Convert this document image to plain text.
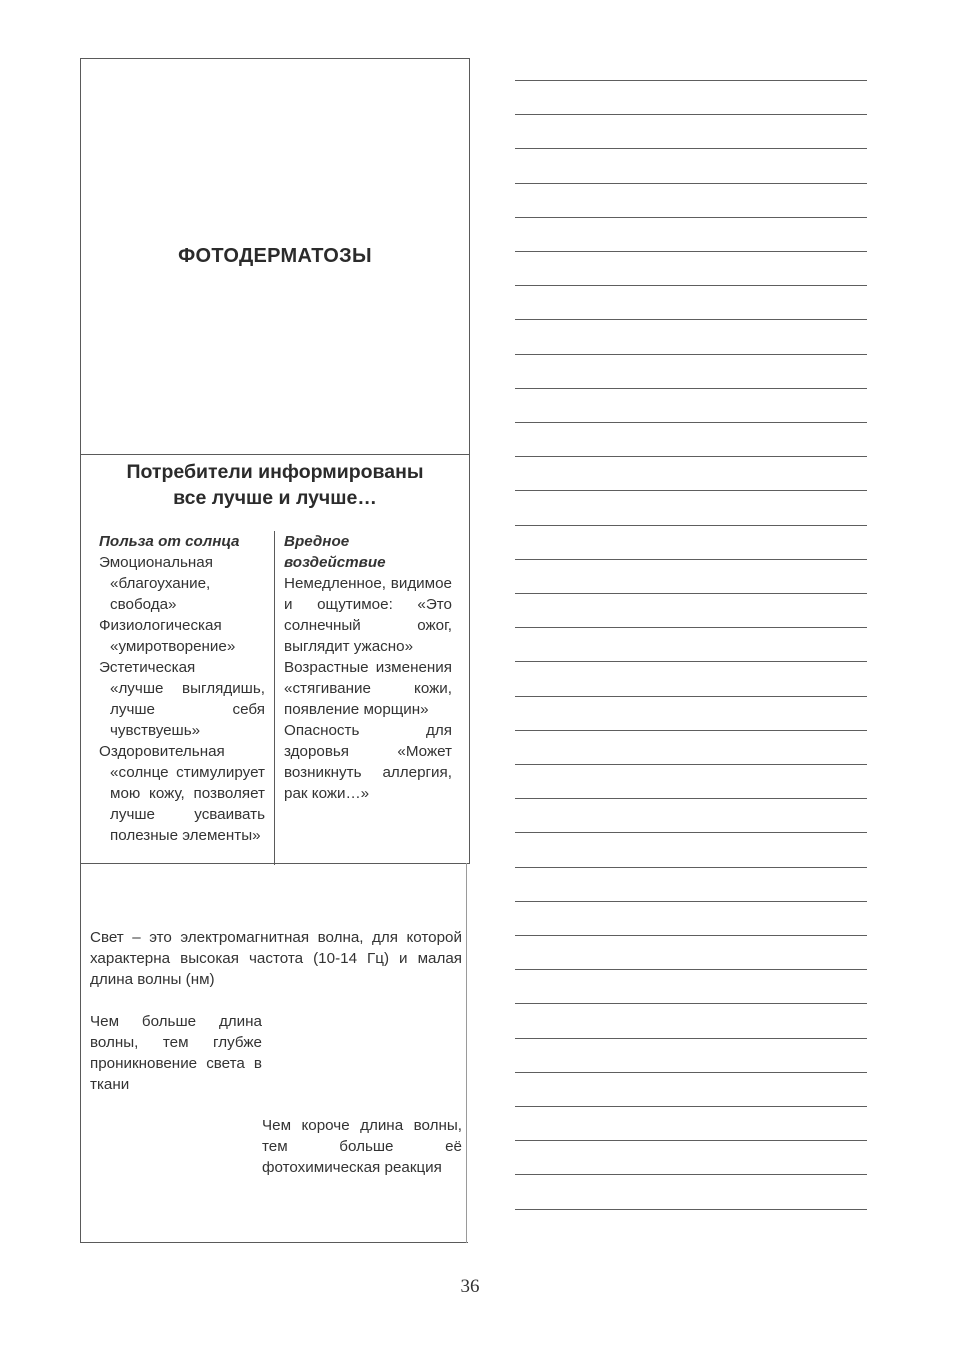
ФОТОДЕРМАТОЗЫ
Потребители информированы
все лучше и лучше…
Польза от солнца
Эмоциональная
«благоухание, свобода»
Физиологическая
«умиротворение»
Эстетическая
«лучше выглядишь, лучше себя чувствуешь»
Оздоровительная
«солнце стимулирует мою кожу, позволяет лучше усваивать полезные элементы»
Вредное воздействие
Немедленное, видимое и ощутимое: «Это солнечный ожог, выглядит ужасно»
Возрастные изменения «стягивание кожи, появление морщин»
Опасность для здоровья «Может возникнуть аллергия, рак кожи…»
Свет – это электромагнитная волна, для которой характерна высокая частота (10-14 Гц) и малая длина волны (нм)
Чем больше длина волны, тем глубже проникновение света в ткани
Чем короче длина волны, тем больше её фотохимическая реакция
36
